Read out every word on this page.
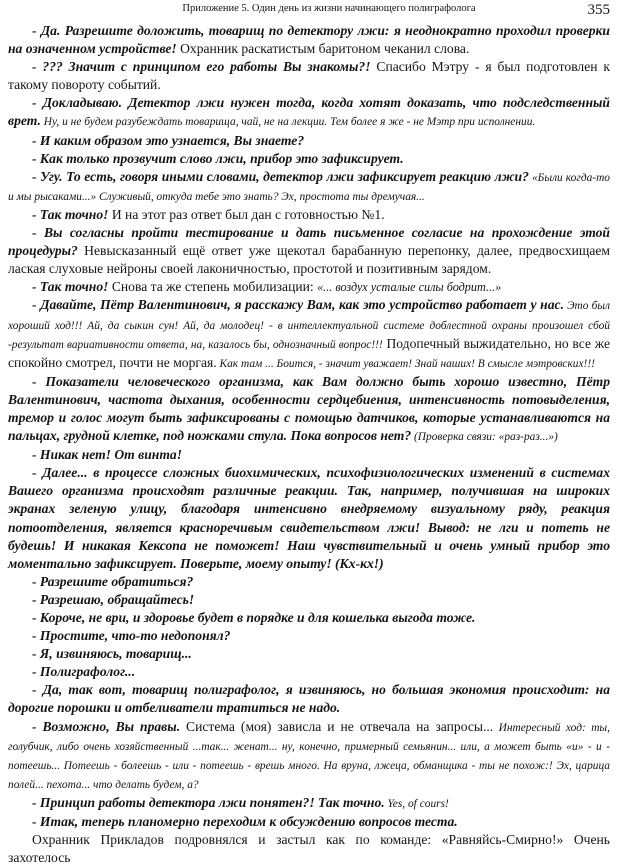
Приложение 5. Один день из жизни начинающего полиграфолога	355

- Да. Разрешите доложить, товарищ по детектору лжи: я неоднократно проходил проверки на означенном устройстве! Охранник раскатистым баритоном чеканил слова.

- ??? Значит с принципом его работы Вы знакомы?! Спасибо Мэтру - я был подготовлен к такому повороту событий.

- Докладываю. Детектор лжи нужен тогда, когда хотят доказать, что подследственный врет. Ну, и не будем разубеждать товарища, чай, не на лекции. Тем более я же - не Мэтр при исполнении.

- И каким образом это узнается, Вы знаете?

- Как только прозвучит слово лжи, прибор это зафиксирует.

- Угу. То есть, говоря иными словами, детектор лжи зафиксирует реакцию лжи? «Были когда-то и мы рысаками...» Служивый, откуда тебе это знать? Эх, простота ты дремучая...

- Так точно! И на этот раз ответ был дан с готовностью №1.

- Вы согласны пройти тестирование и дать письменное согласие на прохождение этой процедуры? Невысказанный ещё ответ уже щекотал барабанную перепонку, далее, предвосхищаем лаская слуховые нейроны своей лаконичностью, простотой и позитивным зарядом.

- Так точно! Снова та же степень мобилизации: «... воздух усталые силы бодрит...»

- Давайте, Пётр Валентинович, я расскажу Вам, как это устройство работает у нас. Это был хороший ход!!! Ай, да сыкин сун! Ай, да молодец! - в интеллектуальной системе доблестной охраны произошел сбой -результат вариативности ответа, на, казалось бы, однозначный вопрос!!! Подопечный выжидательно, но все же спокойно смотрел, почти не моргая. Как там ... Боится, - значит уважает! Знай наших! В смысле мэтровских!!!

- Показатели человеческого организма, как Вам должно быть хорошо известно, Пётр Валентинович, частота дыхания, особенности сердцебиения, интенсивность потовыделения, тремор и голос могут быть зафиксированы с помощью датчиков, которые устанавливаются на пальцах, грудной клетке, под ножками стула. Пока вопросов нет? (Проверка связи: «раз-раз...»)

- Никак нет! От винта!

- Далее... в процессе сложных биохимических, психофизиологических изменений в системах Вашего организма происходят различные реакции. Так, например, получившая на широких экранах зеленую улицу, благодаря интенсивно внедряемому визуальному ряду, реакция потоотделения, является красноречивым свидетельством лжи! Вывод: не лги и потеть не будешь! И никакая Кексопа не поможет! Наш чувствительный и очень умный прибор это моментально зафиксирует. Поверьте, моему опыту! (Кх-кх!)

- Разрешите обратиться?

- Разрешаю, обращайтесь!

- Короче, не ври, и здоровье будет в порядке и для кошелька выгода тоже.

- Простите, что-то недопонял?

- Я, извиняюсь, товарищ...

- Полиграфолог...

- Да, так вот, товарищ полиграфолог, я извиняюсь, но большая экономия происходит: на дорогие порошки и отбеливатели тратиться не надо.

- Возможно, Вы правы. Система (моя) зависла и не отвечала на запросы... Интересный ход: ты, голубчик, либо очень хозяйственный ...так... женат... ну, конечно, примерный семьянин... или, а может быть «и» - и - потеешь... Потеешь - болеешь - или - потеешь - врешь много. На вруна, лжеца, обманщика - ты не похож:! Эх, царица полей... пехота... что делать будем, а?

- Принцип работы детектора лжи понятен?! Так точно. Yes, of cours!

- Итак, теперь планомерно переходим к обсуждению вопросов теста.

Охранник Прикладов подровнялся и застыл как по команде: «Равняйсь-Смирно!» Очень захотелось
